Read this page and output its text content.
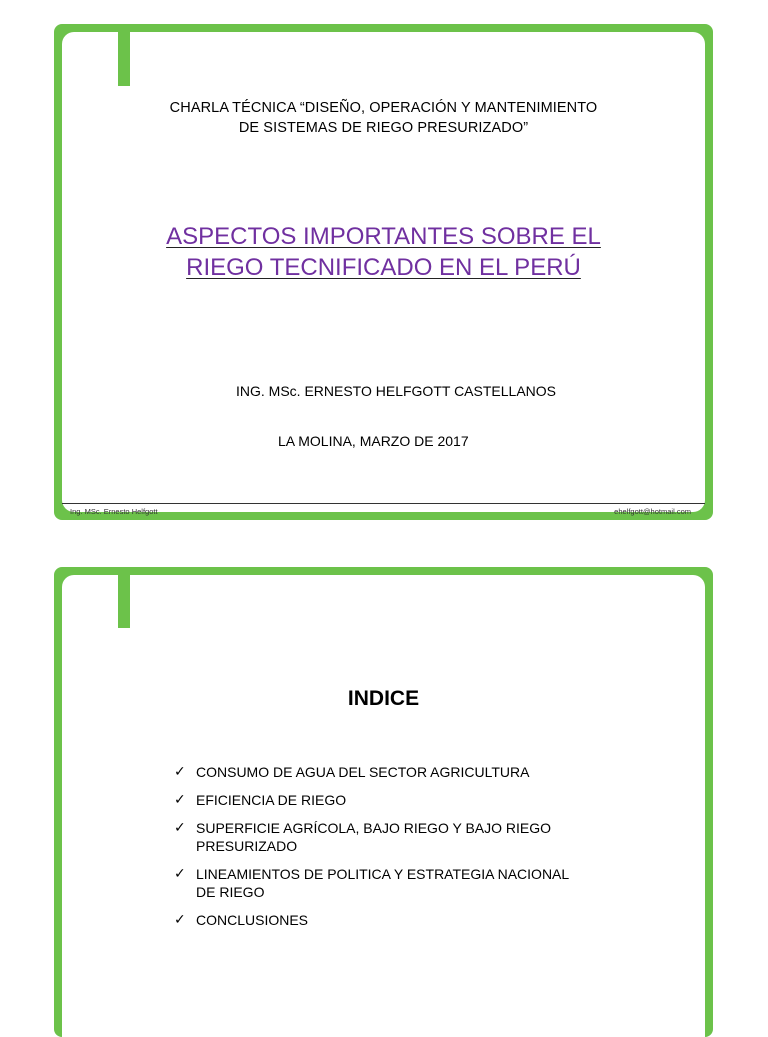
CHARLA TÉCNICA “DISEÑO, OPERACIÓN Y MANTENIMIENTO
DE SISTEMAS DE RIEGO PRESURIZADO”
ASPECTOS IMPORTANTES SOBRE EL
RIEGO TECNIFICADO EN EL PERÚ
ING. MSc. ERNESTO HELFGOTT CASTELLANOS
LA MOLINA, MARZO DE 2017
Ing. MSc. Ernesto Helfgott	ehelfgott@hotmail.com
INDICE
✓ CONSUMO DE AGUA DEL SECTOR AGRICULTURA
✓ EFICIENCIA DE RIEGO
✓ SUPERFICIE AGRÍCOLA, BAJO RIEGO Y BAJO RIEGO PRESURIZADO
✓ LINEAMIENTOS DE POLITICA Y ESTRATEGIA NACIONAL DE RIEGO
✓ CONCLUSIONES
